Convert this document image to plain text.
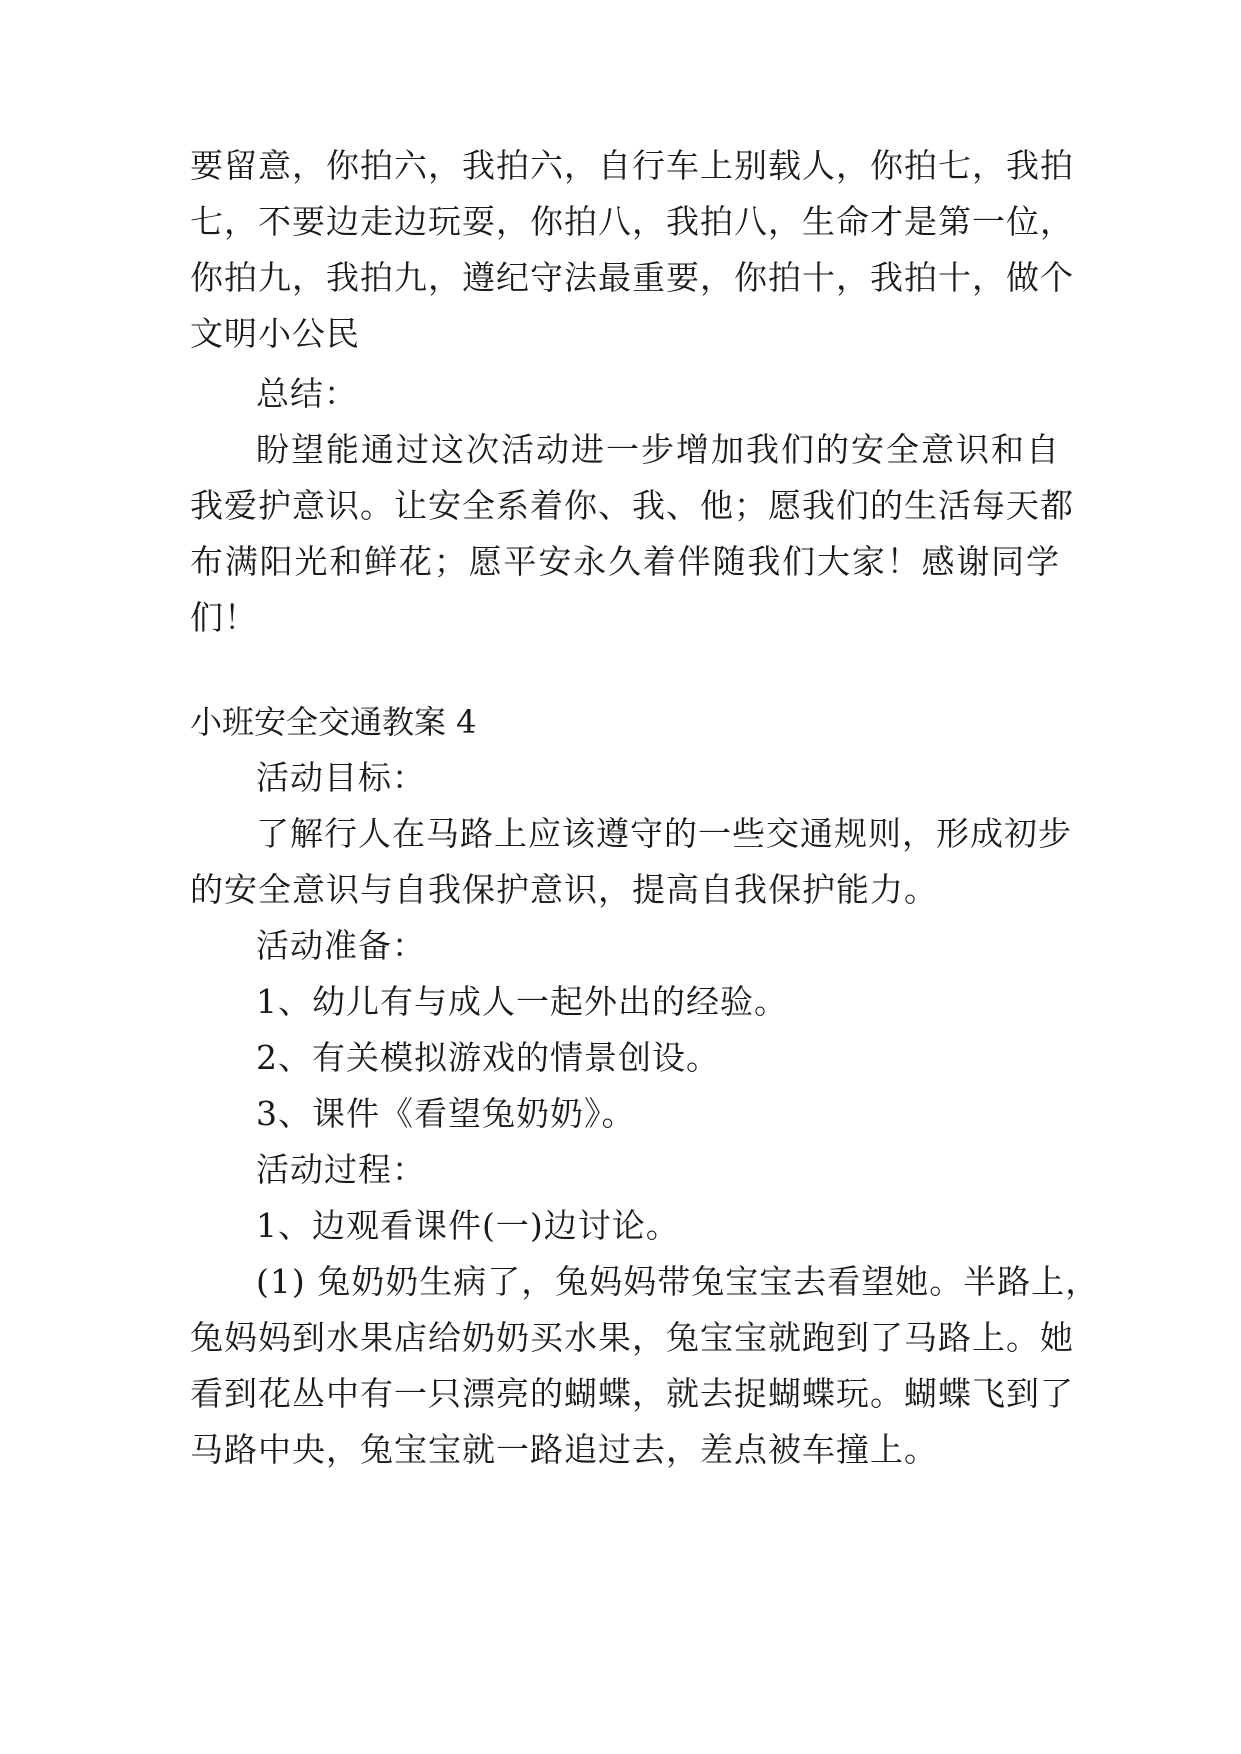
要留意，你拍六，我拍六，自行车上别载人，你拍七，我拍
七，不要边走边玩耍，你拍八，我拍八，生命才是第一位，
你拍九，我拍九，遵纪守法最重要，你拍十，我拍十，做个
文明小公民
总结：
盼望能通过这次活动进一步增加我们的安全意识和自
我爱护意识。让安全系着你、我、他；愿我们的生活每天都
布满阳光和鲜花；愿平安永久着伴随我们大家！感谢同学
们！
小班安全交通教案 4
活动目标：
了解行人在马路上应该遵守的一些交通规则，形成初步
的安全意识与自我保护意识，提高自我保护能力。
活动准备：
1、幼儿有与成人一起外出的经验。
2、有关模拟游戏的情景创设。
3、课件《看望兔奶奶》。
活动过程：
1、边观看课件(一)边讨论。
(1) 兔奶奶生病了，兔妈妈带兔宝宝去看望她。半路上，
兔妈妈到水果店给奶奶买水果，兔宝宝就跑到了马路上。她
看到花丛中有一只漂亮的蝴蝶，就去捉蝴蝶玩。蝴蝶飞到了
马路中央，兔宝宝就一路追过去，差点被车撞上。
